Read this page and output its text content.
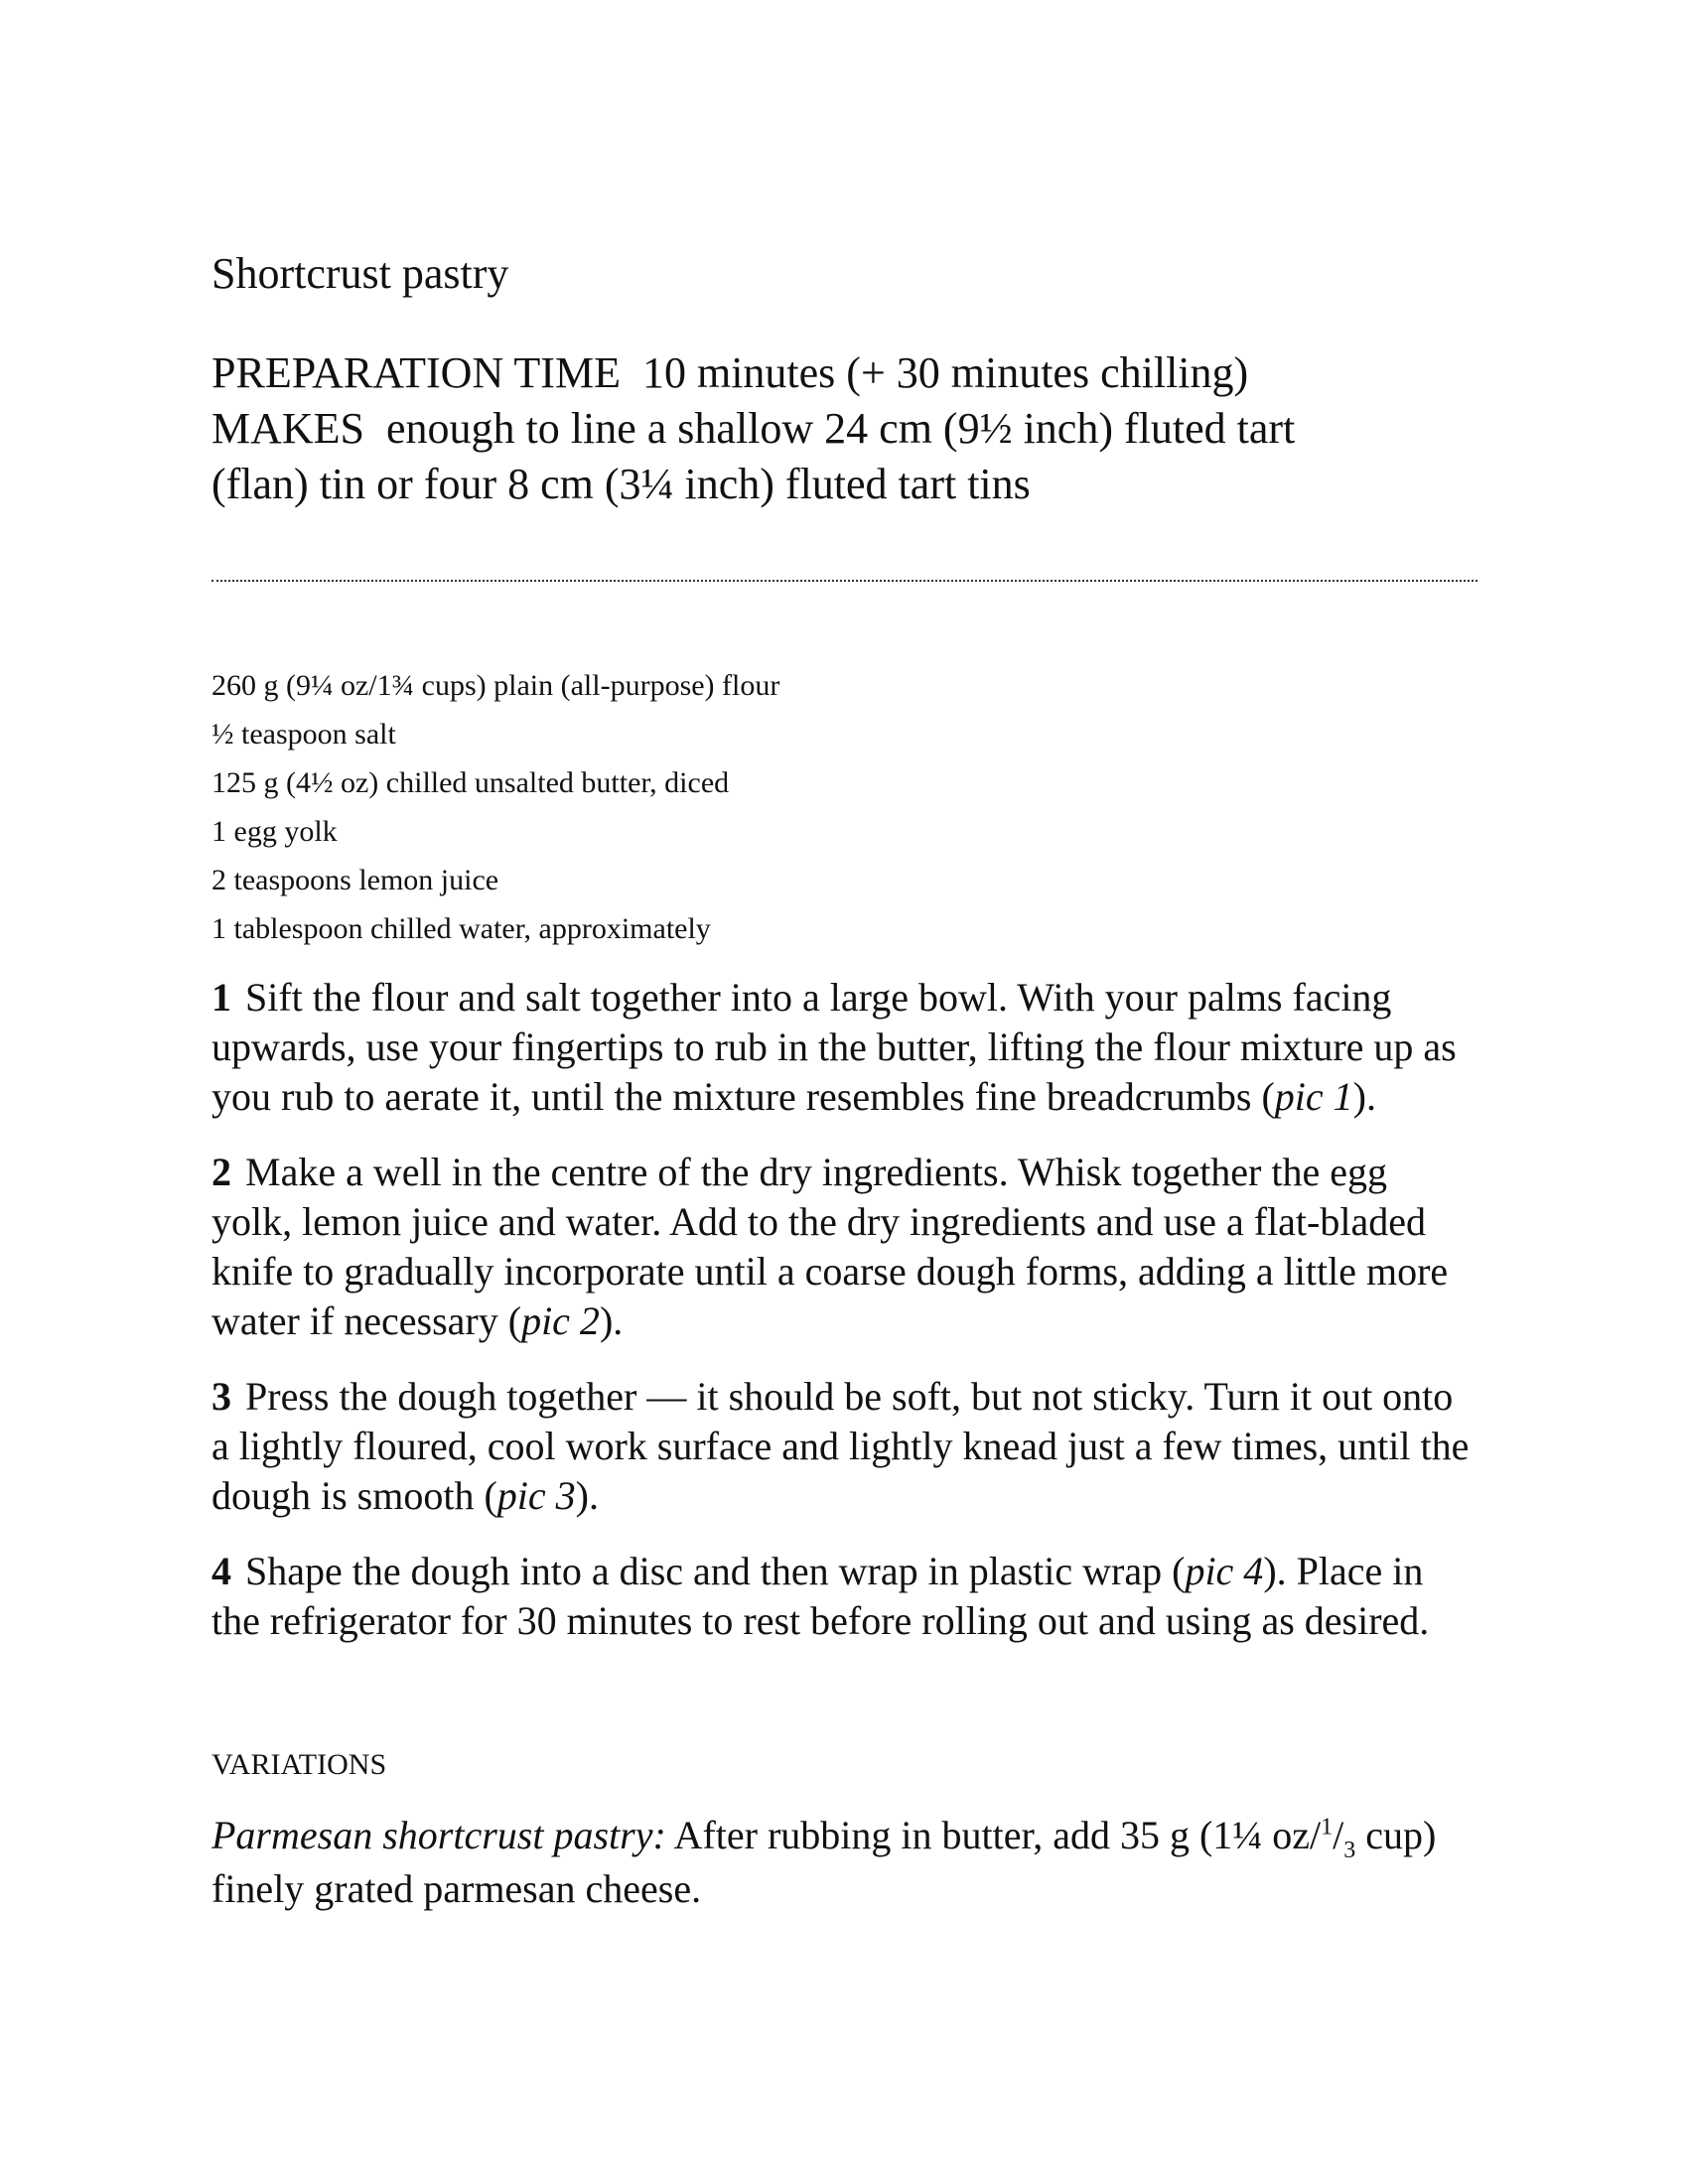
Shortcrust pastry
PREPARATION TIME 10 minutes (+ 30 minutes chilling)
MAKES enough to line a shallow 24 cm (9½ inch) fluted tart
(flan) tin or four 8 cm (3¼ inch) fluted tart tins
260 g (9¼ oz/1¾ cups) plain (all-purpose) flour
½ teaspoon salt
125 g (4½ oz) chilled unsalted butter, diced
1 egg yolk
2 teaspoons lemon juice
1 tablespoon chilled water, approximately

1 Sift the flour and salt together into a large bowl. With your palms facing upwards, use your fingertips to rub in the butter, lifting the flour mixture up as you rub to aerate it, until the mixture resembles fine breadcrumbs (pic 1).

2 Make a well in the centre of the dry ingredients. Whisk together the egg yolk, lemon juice and water. Add to the dry ingredients and use a flat-bladed knife to gradually incorporate until a coarse dough forms, adding a little more water if necessary (pic 2).

3 Press the dough together — it should be soft, but not sticky. Turn it out onto a lightly floured, cool work surface and lightly knead just a few times, until the dough is smooth (pic 3).

4 Shape the dough into a disc and then wrap in plastic wrap (pic 4). Place in the refrigerator for 30 minutes to rest before rolling out and using as desired.

VARIATIONS

Parmesan shortcrust pastry: After rubbing in butter, add 35 g (1¼ $oz/^1/_3$ cup) finely grated parmesan cheese.
